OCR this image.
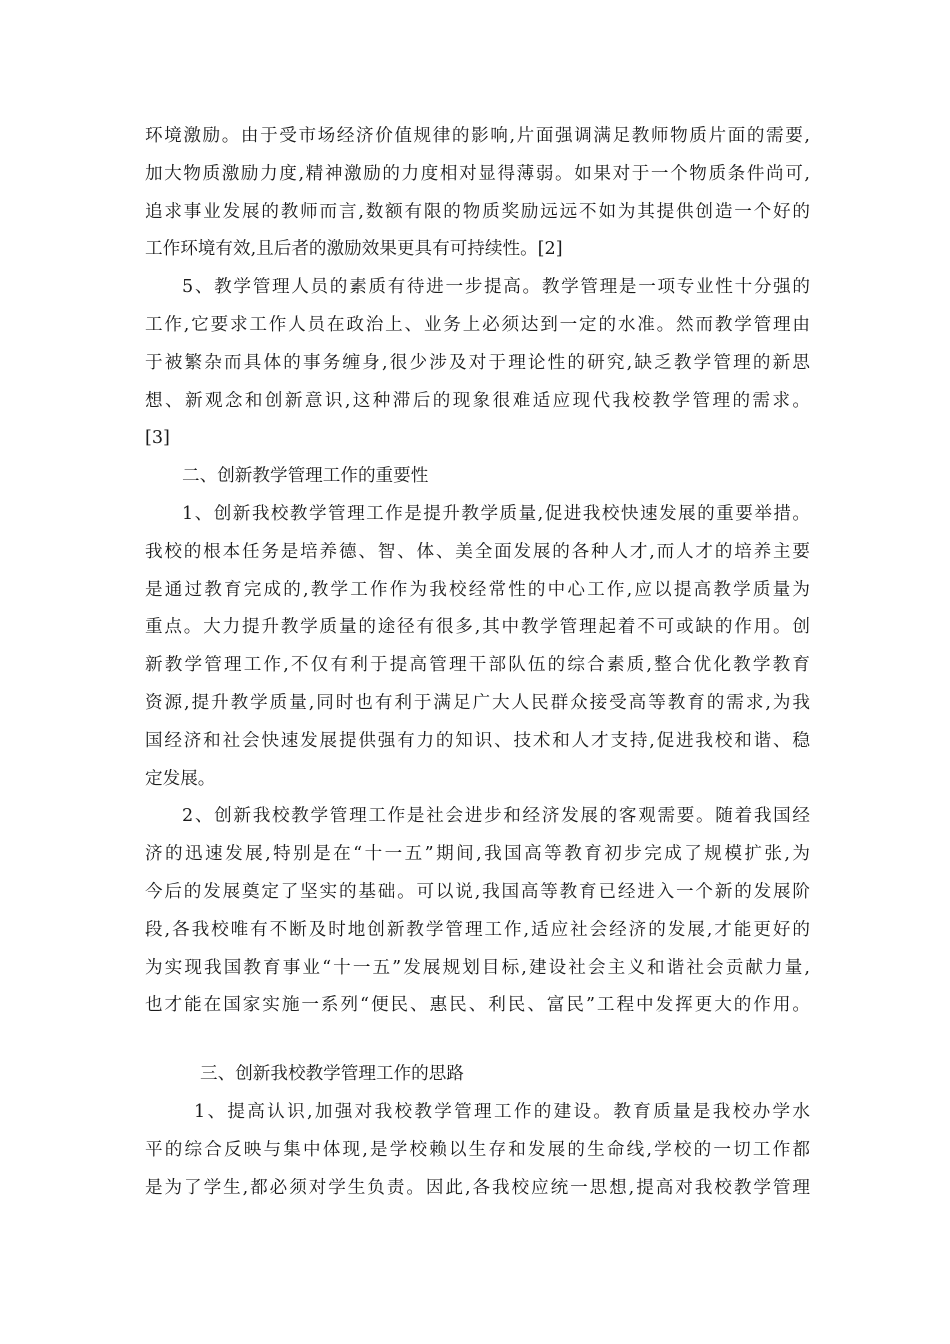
环境激励。由于受市场经济价值规律的影响,片面强调满足教师物质片面的需要,
加大物质激励力度,精神激励的力度相对显得薄弱。如果对于一个物质条件尚可,
追求事业发展的教师而言,数额有限的物质奖励远远不如为其提供创造一个好的
工作环境有效,且后者的激励效果更具有可持续性。[2]
5、教学管理人员的素质有待进一步提高。教学管理是一项专业性十分强的
工作,它要求工作人员在政治上、业务上必须达到一定的水准。然而教学管理由
于被繁杂而具体的事务缠身,很少涉及对于理论性的研究,缺乏教学管理的新思
想、新观念和创新意识,这种滞后的现象很难适应现代我校教学管理的需求。
[3]
二、创新教学管理工作的重要性
1、创新我校教学管理工作是提升教学质量,促进我校快速发展的重要举措。
我校的根本任务是培养德、智、体、美全面发展的各种人才,而人才的培养主要
是通过教育完成的,教学工作作为我校经常性的中心工作,应以提高教学质量为
重点。大力提升教学质量的途径有很多,其中教学管理起着不可或缺的作用。创
新教学管理工作,不仅有利于提高管理干部队伍的综合素质,整合优化教学教育
资源,提升教学质量,同时也有利于满足广大人民群众接受高等教育的需求,为我
国经济和社会快速发展提供强有力的知识、技术和人才支持,促进我校和谐、稳
定发展。
2、创新我校教学管理工作是社会进步和经济发展的客观需要。随着我国经
济的迅速发展,特别是在“十一五”期间,我国高等教育初步完成了规模扩张,为
今后的发展奠定了坚实的基础。可以说,我国高等教育已经进入一个新的发展阶
段,各我校唯有不断及时地创新教学管理工作,适应社会经济的发展,才能更好的
为实现我国教育事业“十一五”发展规划目标,建设社会主义和谐社会贡献力量,
也才能在国家实施一系列“便民、惠民、利民、富民”工程中发挥更大的作用。
三、创新我校教学管理工作的思路
1、提高认识,加强对我校教学管理工作的建设。教育质量是我校办学水
平的综合反映与集中体现,是学校赖以生存和发展的生命线,学校的一切工作都
是为了学生,都必须对学生负责。因此,各我校应统一思想,提高对我校教学管理
